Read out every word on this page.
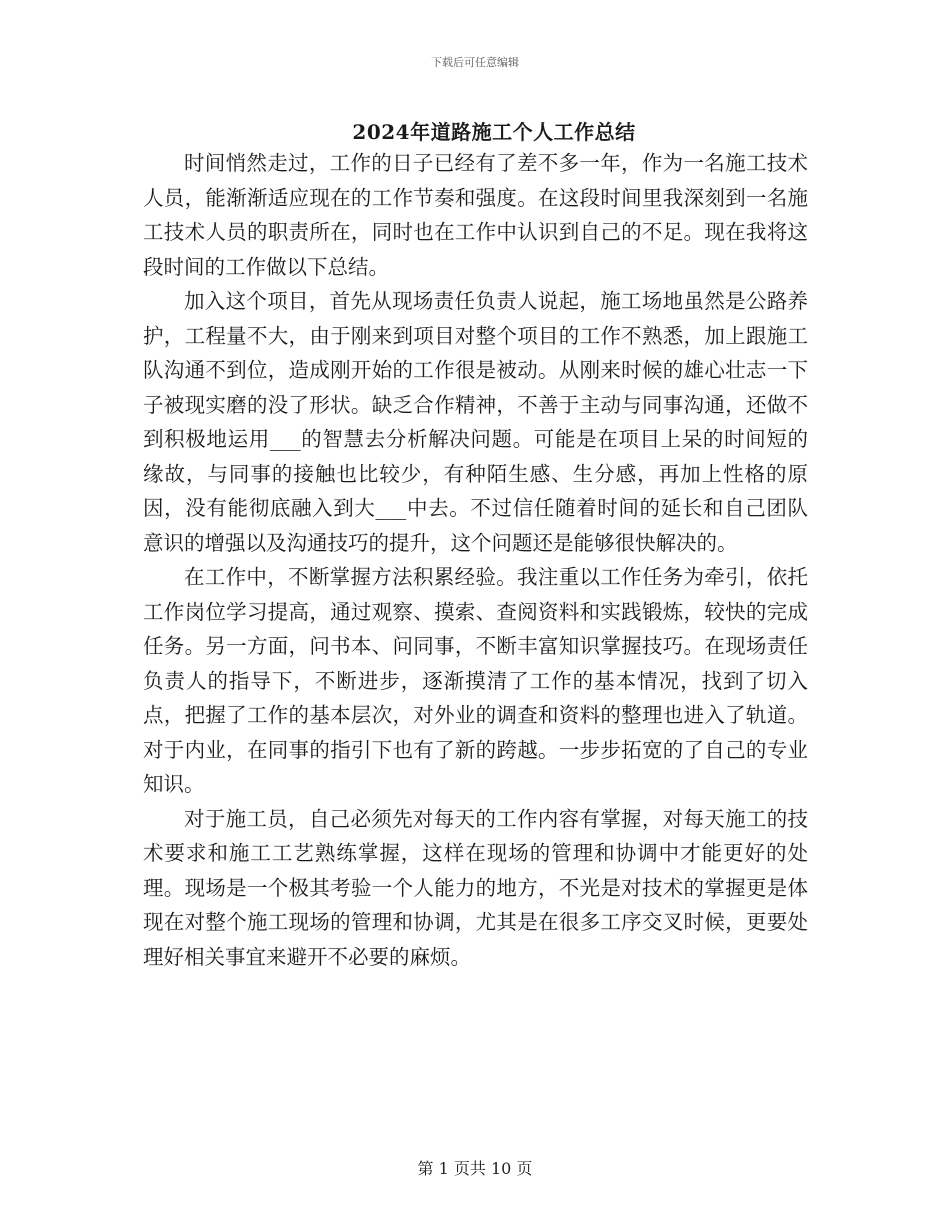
下载后可任意编辑
2024年道路施工个人工作总结

时间悄然走过，工作的日子已经有了差不多一年，作为一名施工技术人员，能渐渐适应现在的工作节奏和强度。在这段时间里我深刻到一名施工技术人员的职责所在，同时也在工作中认识到自己的不足。现在我将这段时间的工作做以下总结。

加入这个项目，首先从现场责任负责人说起，施工场地虽然是公路养护，工程量不大，由于刚来到项目对整个项目的工作不熟悉，加上跟施工队沟通不到位，造成刚开始的工作很是被动。从刚来时候的雄心壮志一下子被现实磨的没了形状。缺乏合作精神，不善于主动与同事沟通，还做不到积极地运用___的智慧去分析解决问题。可能是在项目上呆的时间短的缘故，与同事的接触也比较少，有种陌生感、生分感，再加上性格的原因，没有能彻底融入到大___中去。不过信任随着时间的延长和自己团队意识的增强以及沟通技巧的提升，这个问题还是能够很快解决的。

在工作中，不断掌握方法积累经验。我注重以工作任务为牵引，依托工作岗位学习提高，通过观察、摸索、查阅资料和实践锻炼，较快的完成任务。另一方面，问书本、问同事，不断丰富知识掌握技巧。在现场责任负责人的指导下，不断进步，逐渐摸清了工作的基本情况，找到了切入点，把握了工作的基本层次，对外业的调查和资料的整理也进入了轨道。对于内业，在同事的指引下也有了新的跨越。一步步拓宽的了自己的专业知识。

对于施工员，自己必须先对每天的工作内容有掌握，对每天施工的技术要求和施工工艺熟练掌握，这样在现场的管理和协调中才能更好的处理。现场是一个极其考验一个人能力的地方，不光是对技术的掌握更是体现在对整个施工现场的管理和协调，尤其是在很多工序交叉时候，更要处理好相关事宜来避开不必要的麻烦。

第 1 页共 10 页
